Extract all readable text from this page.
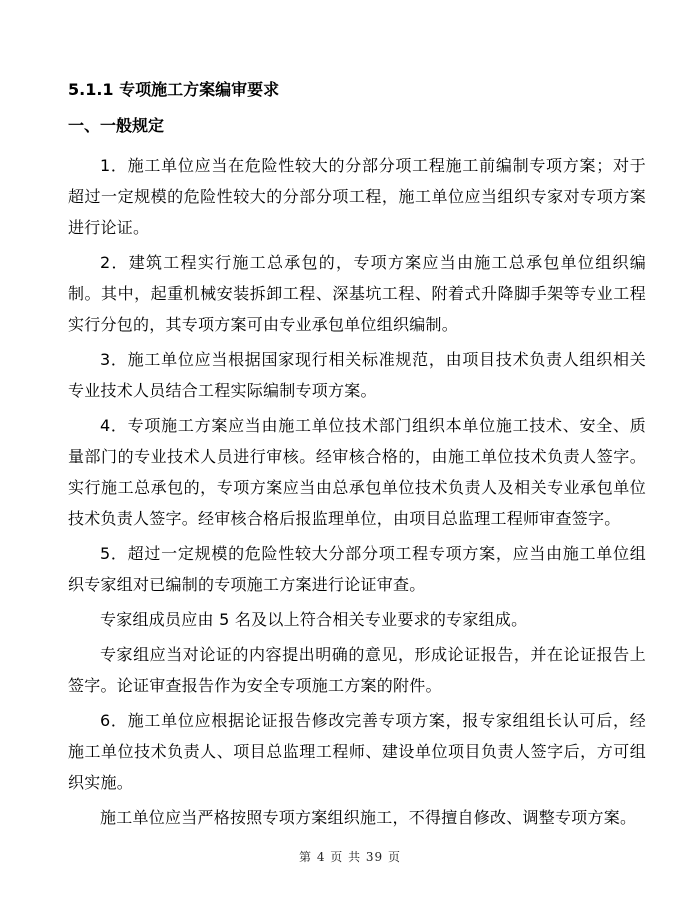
5.1.1 专项施工方案编审要求
一、一般规定

1．施工单位应当在危险性较大的分部分项工程施工前编制专项方案；对于超过一定规模的危险性较大的分部分项工程，施工单位应当组织专家对专项方案进行论证。

2．建筑工程实行施工总承包的，专项方案应当由施工总承包单位组织编制。其中，起重机械安装拆卸工程、深基坑工程、附着式升降脚手架等专业工程实行分包的，其专项方案可由专业承包单位组织编制。

3．施工单位应当根据国家现行相关标准规范，由项目技术负责人组织相关专业技术人员结合工程实际编制专项方案。

4．专项施工方案应当由施工单位技术部门组织本单位施工技术、安全、质量部门的专业技术人员进行审核。经审核合格的，由施工单位技术负责人签字。实行施工总承包的，专项方案应当由总承包单位技术负责人及相关专业承包单位技术负责人签字。经审核合格后报监理单位，由项目总监理工程师审查签字。

5．超过一定规模的危险性较大分部分项工程专项方案，应当由施工单位组织专家组对已编制的专项施工方案进行论证审查。

专家组成员应由 5 名及以上符合相关专业要求的专家组成。

专家组应当对论证的内容提出明确的意见，形成论证报告，并在论证报告上签字。论证审查报告作为安全专项施工方案的附件。

6．施工单位应根据论证报告修改完善专项方案，报专家组组长认可后，经施工单位技术负责人、项目总监理工程师、建设单位项目负责人签字后，方可组织实施。

施工单位应当严格按照专项方案组织施工，不得擅自修改、调整专项方案。

第 4 页 共 39 页
